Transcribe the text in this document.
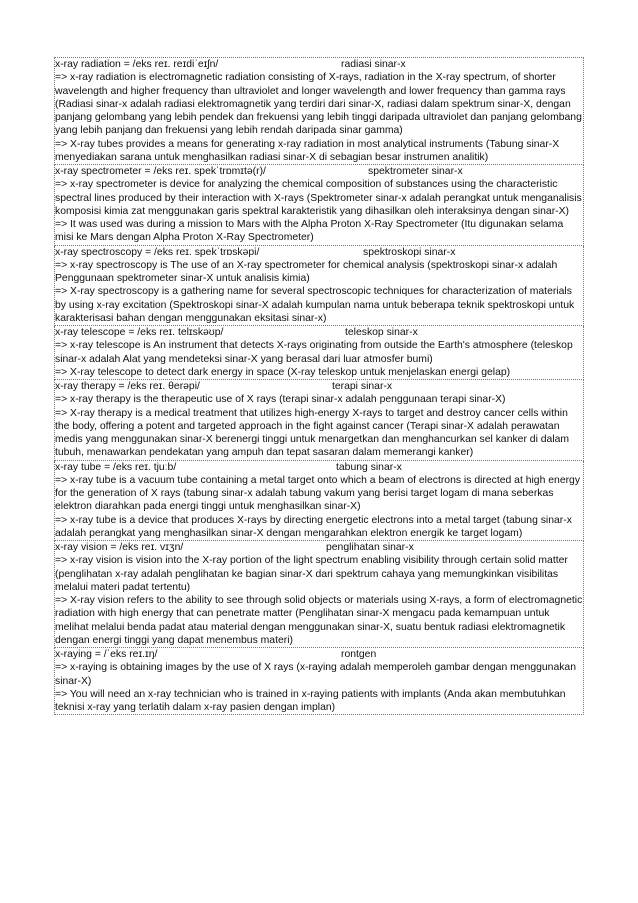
x-ray radiation = /eks reɪ. reɪdiˈeɪʃn/	radiasi sinar-x
=> x-ray radiation is electromagnetic radiation consisting of X-rays, radiation in the X-ray spectrum, of shorter wavelength and higher frequency than ultraviolet and longer wavelength and lower frequency than gamma rays (Radiasi sinar-x adalah radiasi elektromagnetik yang terdiri dari sinar-X, radiasi dalam spektrum sinar-X, dengan panjang gelombang yang lebih pendek dan frekuensi yang lebih tinggi daripada ultraviolet dan panjang gelombang yang lebih panjang dan frekuensi yang lebih rendah daripada sinar gamma)
=> X-ray tubes provides a means for generating x-ray radiation in most analytical instruments (Tabung sinar-X menyediakan sarana untuk menghasilkan radiasi sinar-X di sebagian besar instrumen analitik)
x-ray spectrometer = /eks reɪ. spekˈtrɒmɪtə(r)/	spektrometer sinar-x
=> x-ray spectrometer is device for analyzing the chemical composition of substances using the characteristic spectral lines produced by their interaction with X-rays (Spektrometer sinar-x adalah perangkat untuk menganalisis komposisi kimia zat menggunakan garis spektral karakteristik yang dihasilkan oleh interaksinya dengan sinar-X)
=> It was used was during a mission to Mars with the Alpha Proton X-Ray Spectrometer (Itu digunakan selama misi ke Mars dengan Alpha Proton X-Ray Spectrometer)
x-ray spectroscopy = /eks reɪ. spekˈtrɒskəpi/	spektroskopi sinar-x
=> x-ray spectroscopy is The use of an X-ray spectrometer for chemical analysis (spektroskopi sinar-x adalah Penggunaan spektrometer sinar-X untuk analisis kimia)
=> X-ray spectroscopy is a gathering name for several spectroscopic techniques for characterization of materials by using x-ray excitation (Spektroskopi sinar-X adalah kumpulan nama untuk beberapa teknik spektroskopi untuk karakterisasi bahan dengan menggunakan eksitasi sinar-x)
x-ray telescope = /eks reɪ. telɪskəʊp/	teleskop sinar-x
=> x-ray telescope is An instrument that detects X-rays originating from outside the Earth's atmosphere (teleskop sinar-x adalah Alat yang mendeteksi sinar-X yang berasal dari luar atmosfer bumi)
=> X-ray telescope to detect dark energy in space (X-ray teleskop untuk menjelaskan energi gelap)
x-ray therapy = /eks reɪ. θerəpi/	terapi sinar-x
=> x-ray therapy is the therapeutic use of X rays (terapi sinar-x adalah penggunaan terapi sinar-X)
=> X-ray therapy is a medical treatment that utilizes high-energy X-rays to target and destroy cancer cells within the body, offering a potent and targeted approach in the fight against cancer (Terapi sinar-X adalah perawatan medis yang menggunakan sinar-X berenergi tinggi untuk menargetkan dan menghancurkan sel kanker di dalam tubuh, menawarkan pendekatan yang ampuh dan tepat sasaran dalam memerangi kanker)
x-ray tube = /eks reɪ. tjuːb/	tabung sinar-x
=> x-ray tube is a vacuum tube containing a metal target onto which a beam of electrons is directed at high energy for the generation of X rays (tabung sinar-x adalah tabung vakum yang berisi target logam di mana seberkas elektron diarahkan pada energi tinggi untuk menghasilkan sinar-X)
=> x-ray tube is a device that produces X-rays by directing energetic electrons into a metal target (tabung sinar-x adalah perangkat yang menghasilkan sinar-X dengan mengarahkan elektron energik ke target logam)
x-ray vision = /eks reɪ. vɪʒn/	penglihatan sinar-x
=> x-ray vision is vision into the X-ray portion of the light spectrum enabling visibility through certain solid matter (penglihatan x-ray adalah penglihatan ke bagian sinar-X dari spektrum cahaya yang memungkinkan visibilitas melalui materi padat tertentu)
=> X-ray vision refers to the ability to see through solid objects or materials using X-rays, a form of electromagnetic radiation with high energy that can penetrate matter (Penglihatan sinar-X mengacu pada kemampuan untuk melihat melalui benda padat atau material dengan menggunakan sinar-X, suatu bentuk radiasi elektromagnetik dengan energi tinggi yang dapat menembus materi)
x-raying = /ˈeks reɪ.ɪŋ/	rontgen
=> x-raying is obtaining images by the use of X rays (x-raying adalah memperoleh gambar dengan menggunakan sinar-X)
=> You will need an x-ray technician who is trained in x-raying patients with implants (Anda akan membutuhkan teknisi x-ray yang terlatih dalam x-ray pasien dengan implan)
